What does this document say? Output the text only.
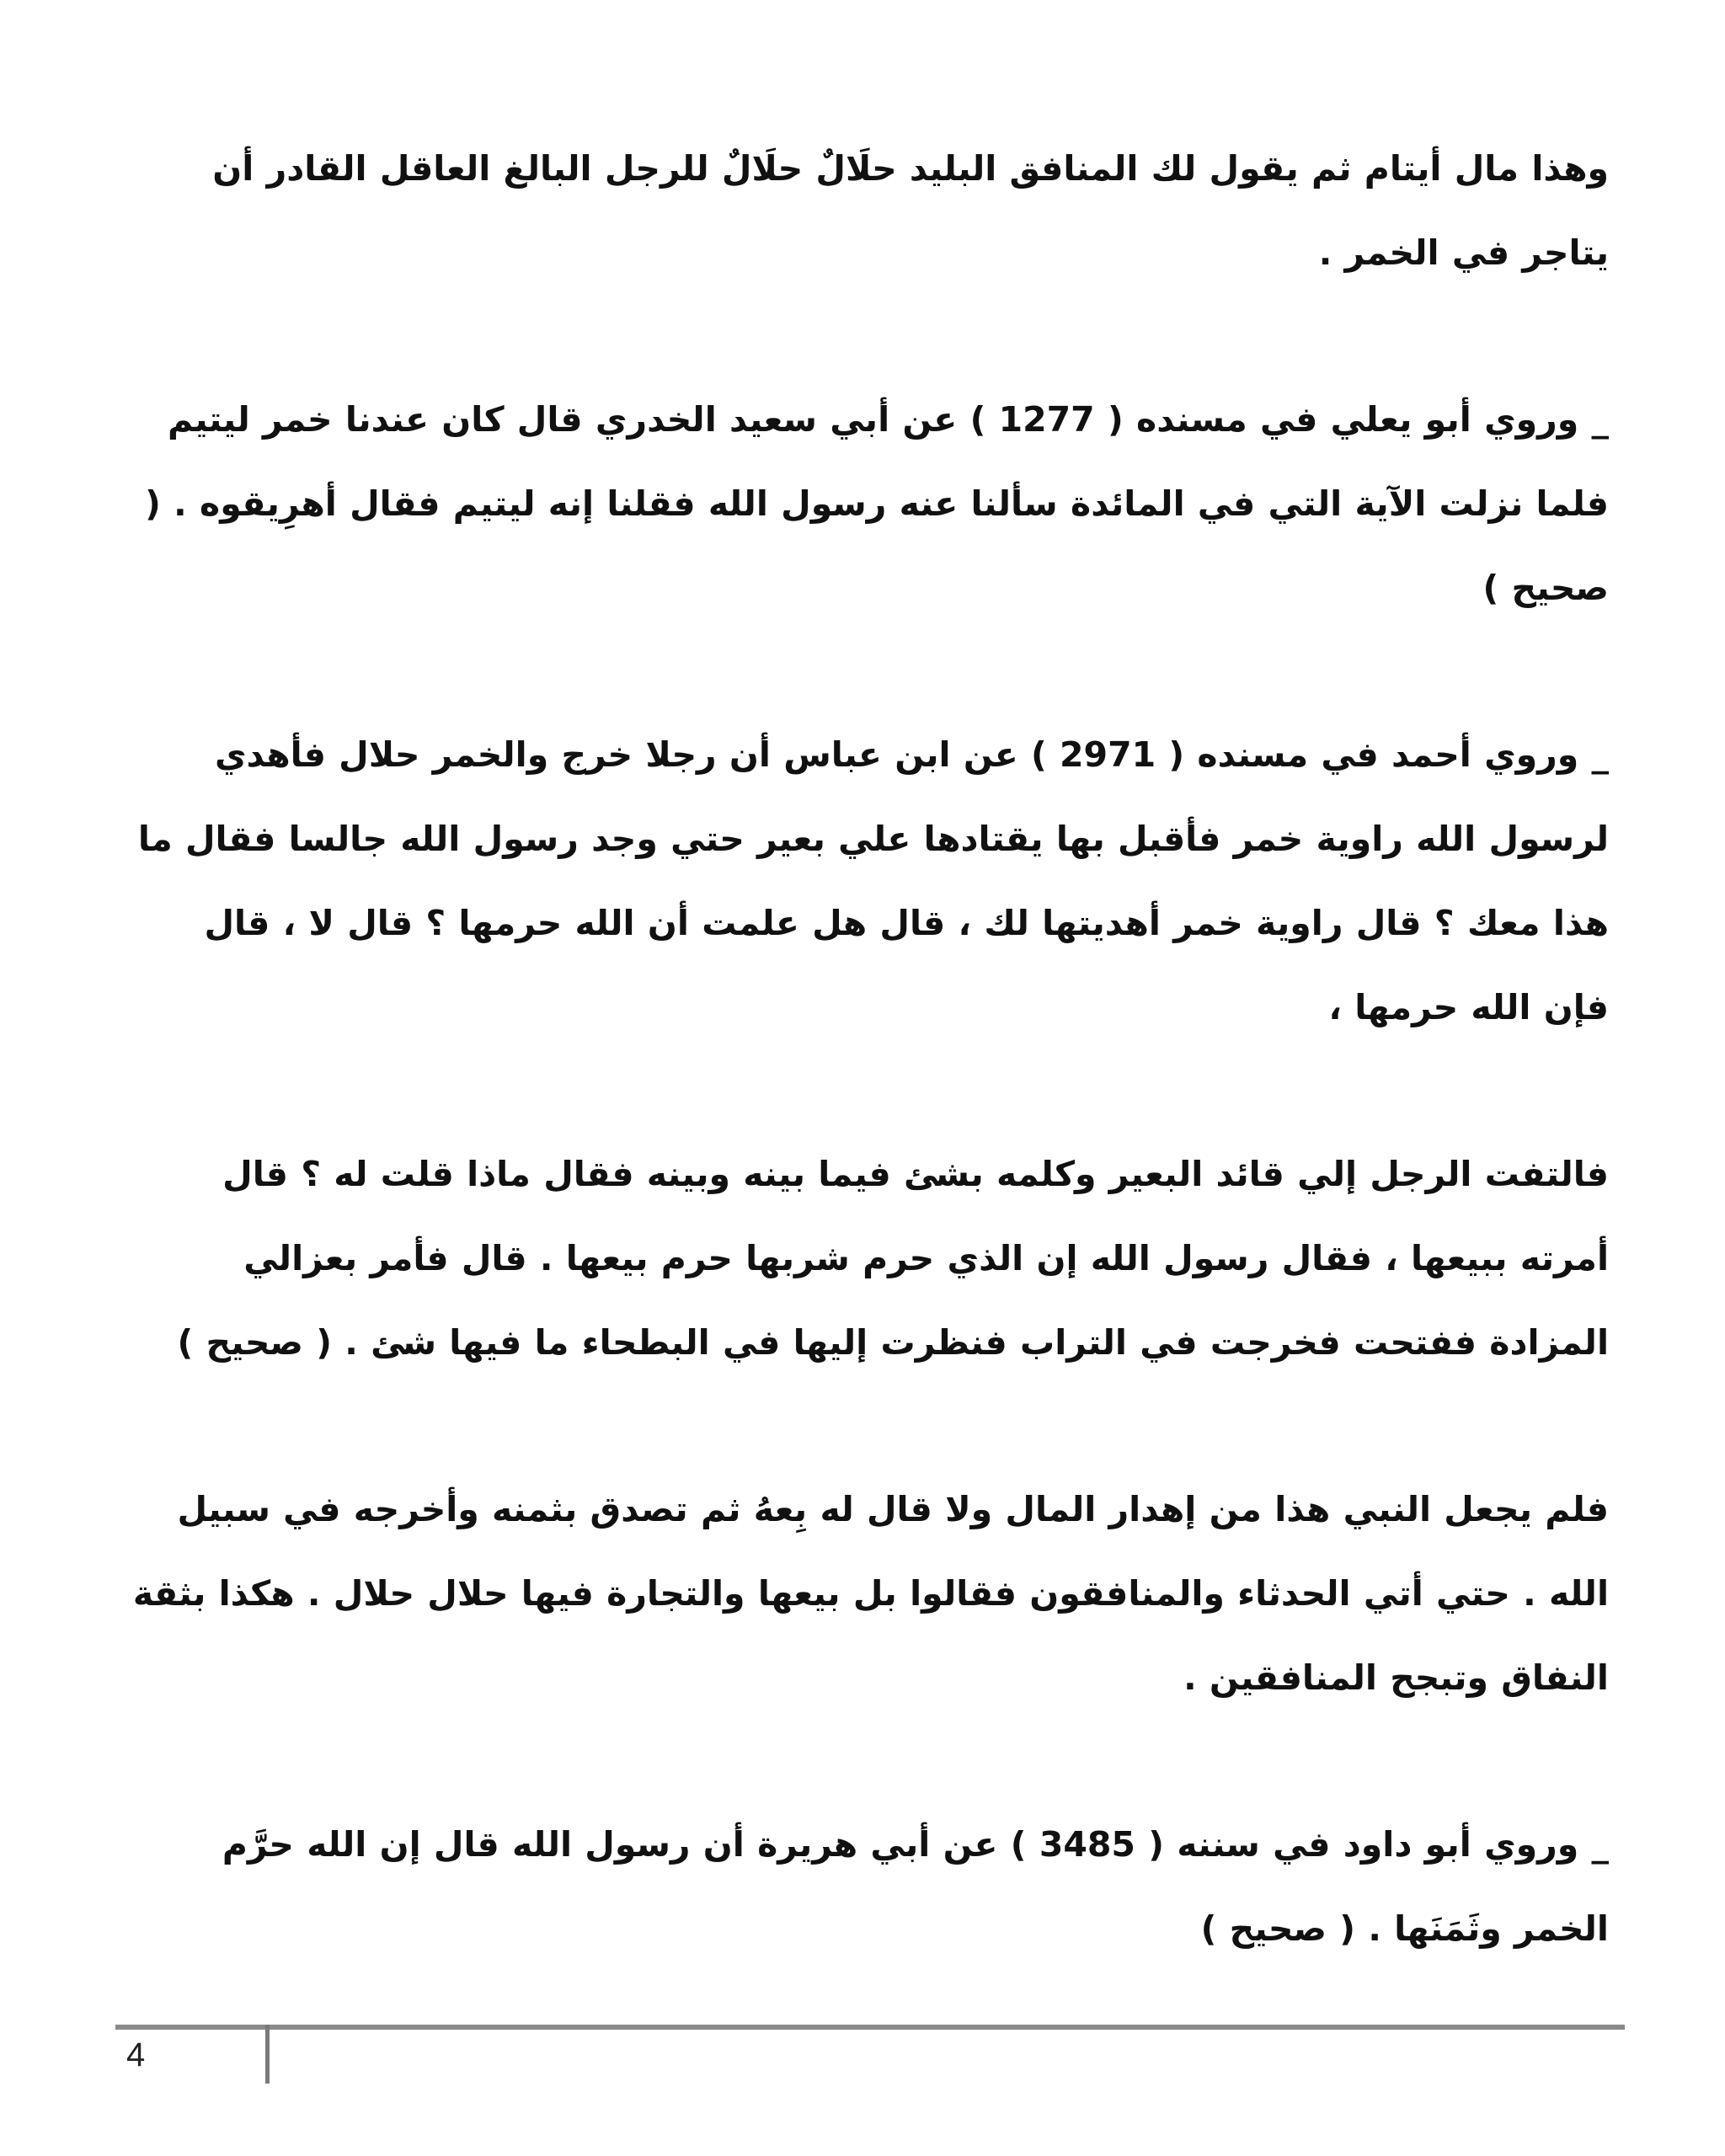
وهذا مال أيتام ثم يقول لك المنافق البليد حلَالٌ حلَالٌ للرجل البالغ العاقل القادر أن يتاجر في الخمر .

_ وروي أبو يعلي في مسنده ( 1277 ) عن أبي سعيد الخدري قال كان عندنا خمر ليتيم فلما نزلت الآية التي في المائدة سألنا عنه رسول الله فقلنا إنه ليتيم فقال أهرِيقوه . ( صحيح )

_ وروي أحمد في مسنده ( 2971 ) عن ابن عباس أن رجلا خرج والخمر حلال فأهدي لرسول الله راوية خمر فأقبل بها يقتادها علي بعير حتي وجد رسول الله جالسا فقال ما هذا معك ؟ قال راوية خمر أهديتها لك ، قال هل علمت أن الله حرمها ؟ قال لا ، قال فإن الله حرمها ،

فالتفت الرجل إلي قائد البعير وكلمه بشئ فيما بينه وبينه فقال ماذا قلت له ؟ قال أمرته ببيعها ، فقال رسول الله إن الذي حرم شربها حرم بيعها . قال فأمر بعزالي المزادة ففتحت فخرجت في التراب فنظرت إليها في البطحاء ما فيها شئ . ( صحيح )

فلم يجعل النبي هذا من إهدار المال ولا قال له بِعهُ ثم تصدق بثمنه وأخرجه في سبيل الله . حتي أتي الحدثاء والمنافقون فقالوا بل بيعها والتجارة فيها حلال حلال . هكذا بثقة النفاق وتبجح المنافقين .

_ وروي أبو داود في سننه ( 3485 ) عن أبي هريرة أن رسول الله قال إن الله حرَّم الخمر وثَمَنَها . ( صحيح )

4
